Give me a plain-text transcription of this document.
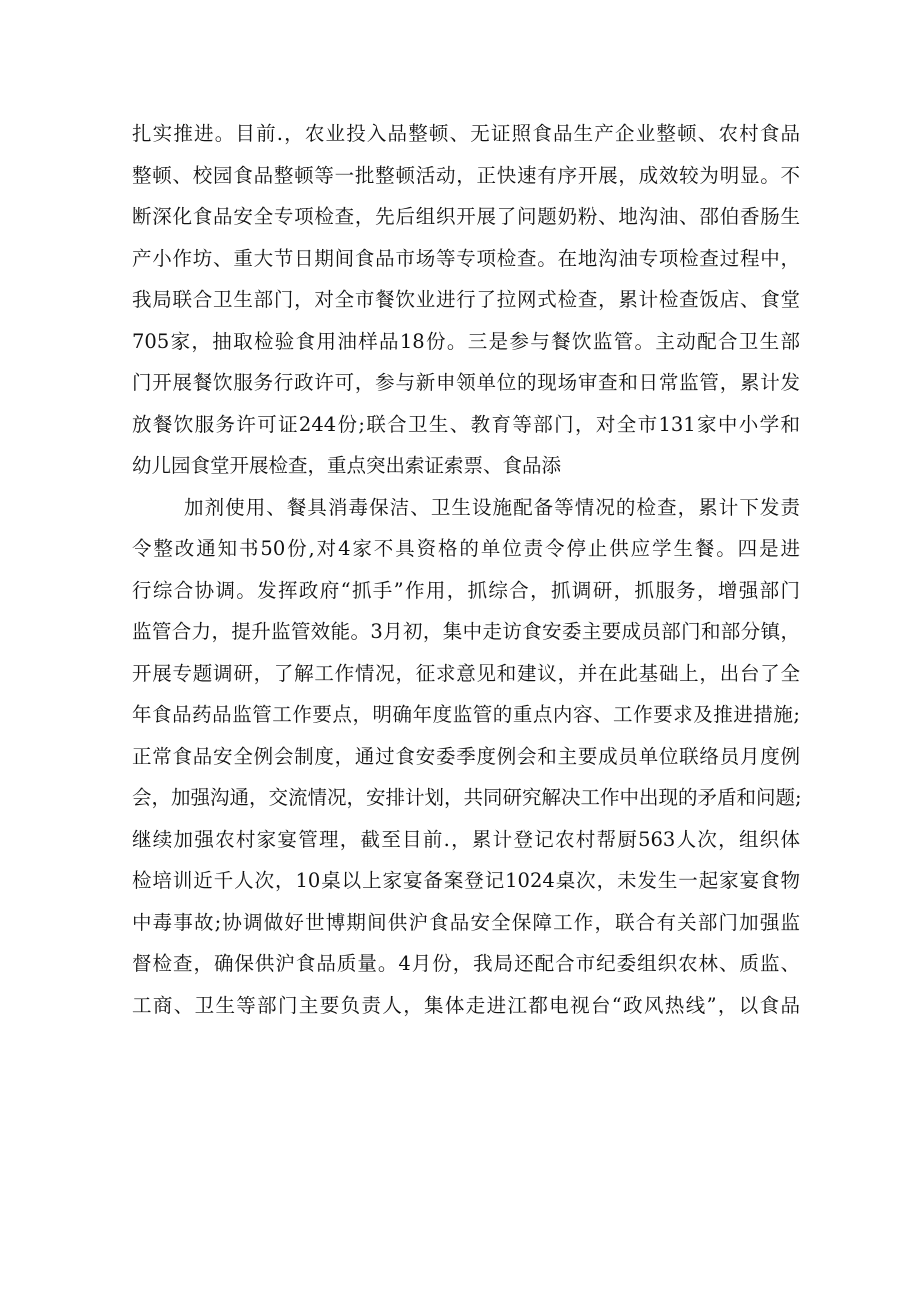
扎实推进。目前.，农业投入品整顿、无证照食品生产企业整顿、农村食品
整顿、校园食品整顿等一批整顿活动，正快速有序开展，成效较为明显。不
断深化食品安全专项检查，先后组织开展了问题奶粉、地沟油、邵伯香肠生
产小作坊、重大节日期间食品市场等专项检查。在地沟油专项检查过程中，
我局联合卫生部门，对全市餐饮业进行了拉网式检查，累计检查饭店、食堂
705家，抽取检验食用油样品18份。三是参与餐饮监管。主动配合卫生部
门开展餐饮服务行政许可，参与新申领单位的现场审查和日常监管，累计发
放餐饮服务许可证244份;联合卫生、教育等部门，对全市131家中小学和
幼儿园食堂开展检查，重点突出索证索票、食品添
加剂使用、餐具消毒保洁、卫生设施配备等情况的检查，累计下发责
令整改通知书50份,对4家不具资格的单位责令停止供应学生餐。四是进
行综合协调。发挥政府“抓手”作用，抓综合，抓调研，抓服务，增强部门
监管合力，提升监管效能。3月初，集中走访食安委主要成员部门和部分镇，
开展专题调研，了解工作情况，征求意见和建议，并在此基础上，出台了全
年食品药品监管工作要点，明确年度监管的重点内容、工作要求及推进措施;
正常食品安全例会制度，通过食安委季度例会和主要成员单位联络员月度例
会，加强沟通，交流情况，安排计划，共同研究解决工作中出现的矛盾和问题;
继续加强农村家宴管理，截至目前.，累计登记农村帮厨563人次，组织体
检培训近千人次，10桌以上家宴备案登记1024桌次，未发生一起家宴食物
中毒事故;协调做好世博期间供沪食品安全保障工作，联合有关部门加强监
督检查，确保供沪食品质量。4月份，我局还配合市纪委组织农林、质监、
工商、卫生等部门主要负责人，集体走进江都电视台“政风热线”，以食品
